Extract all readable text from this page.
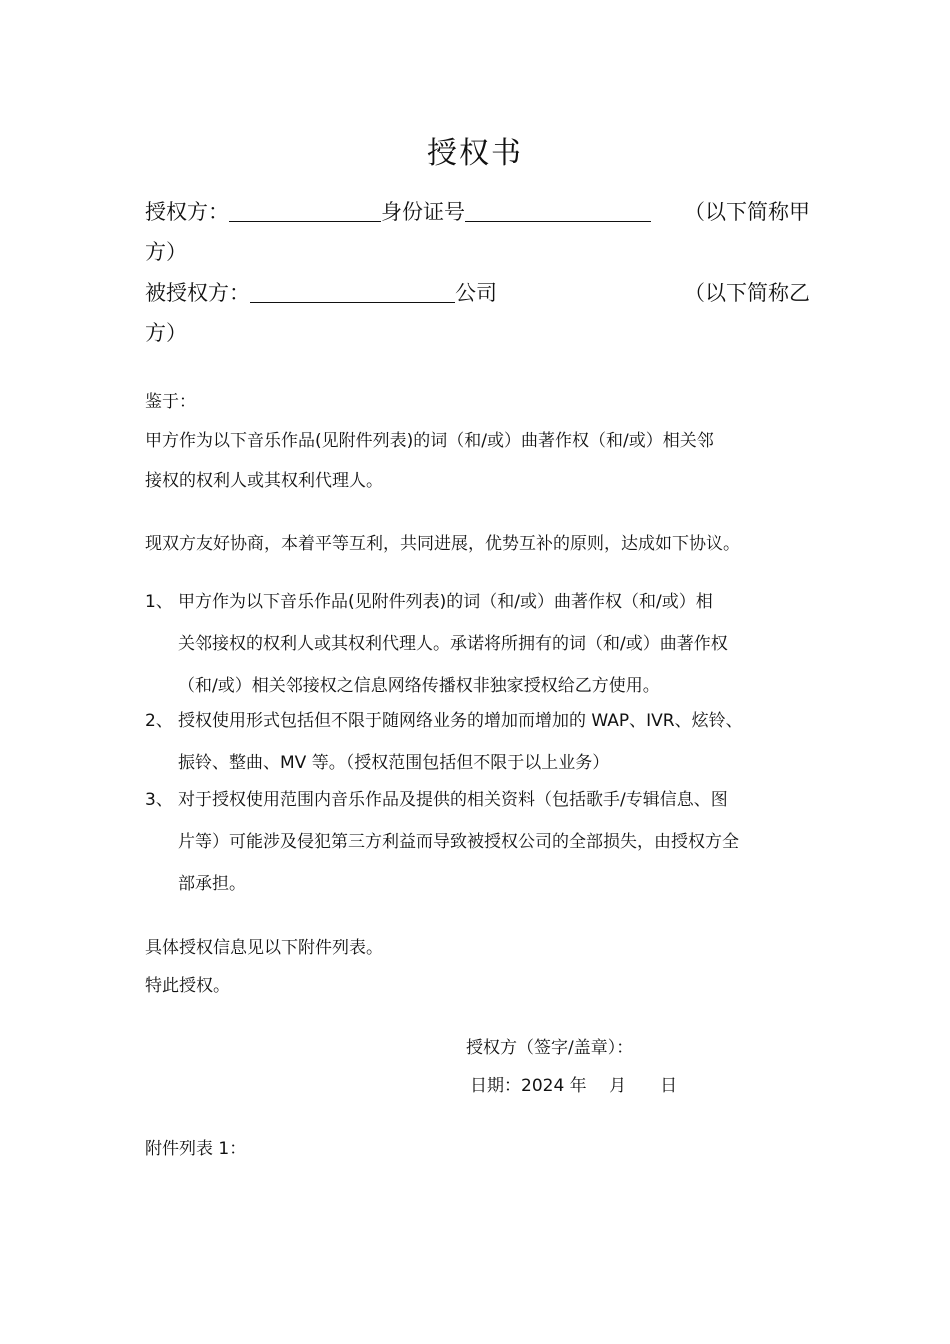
授权书
授权方：	身份证号	（以下简称甲
方）
被授权方：	公司	（以下简称乙
方）
鉴于：
甲方作为以下音乐作品(见附件列表)的词（和/或）曲著作权（和/或）相关邻
接权的权利人或其权利代理人。
现双方友好协商，本着平等互利，共同进展，优势互补的原则，达成如下协议。
1、 甲方作为以下音乐作品(见附件列表)的词（和/或）曲著作权（和/或）相
关邻接权的权利人或其权利代理人。承诺将所拥有的词（和/或）曲著作权
（和/或）相关邻接权之信息网络传播权非独家授权给乙方使用。
2、 授权使用形式包括但不限于随网络业务的增加而增加的 WAP、IVR、炫铃、
振铃、整曲、MV 等。（授权范围包括但不限于以上业务）
3、 对于授权使用范围内音乐作品及提供的相关资料（包括歌手/专辑信息、图
片等）可能涉及侵犯第三方利益而导致被授权公司的全部损失，由授权方全
部承担。
具体授权信息见以下附件列表。
特此授权。
授权方（签字/盖章）：
日期：2024 年　 月　　日
附件列表 1：
